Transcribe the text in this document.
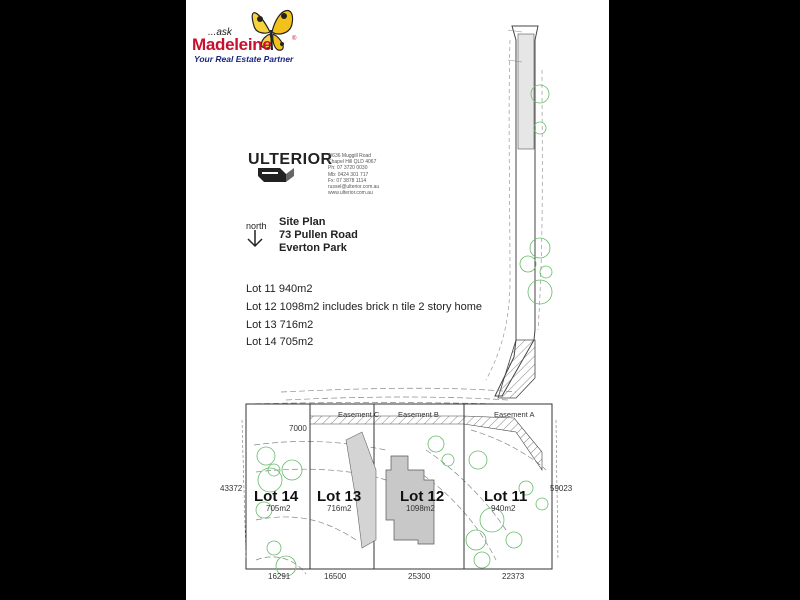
...ask
Madeleine	®
Your Real Estate Partner
ULTERIOR
3/636 Muggill Road
Chapel Hill QLD 4067
Ph: 07 3720 0030
Mb: 0424 301 717
Fx: 07 3878 1114
russel@ulterior.com.au
www.ulterior.com.au
north Site Plan
73 Pullen Road
Everton Park
Lot 11 940m2
Lot 12 1098m2 includes brick n tile 2 story home
Lot 13 716m2
Lot 14 705m2
Easement C Easement B	Easement A
Lot 14
705m2
Lot 13
716m2
Lot 12
1098m2
Lot 11
940m2
7000
43372	59023
16291	16500	25300	22373
